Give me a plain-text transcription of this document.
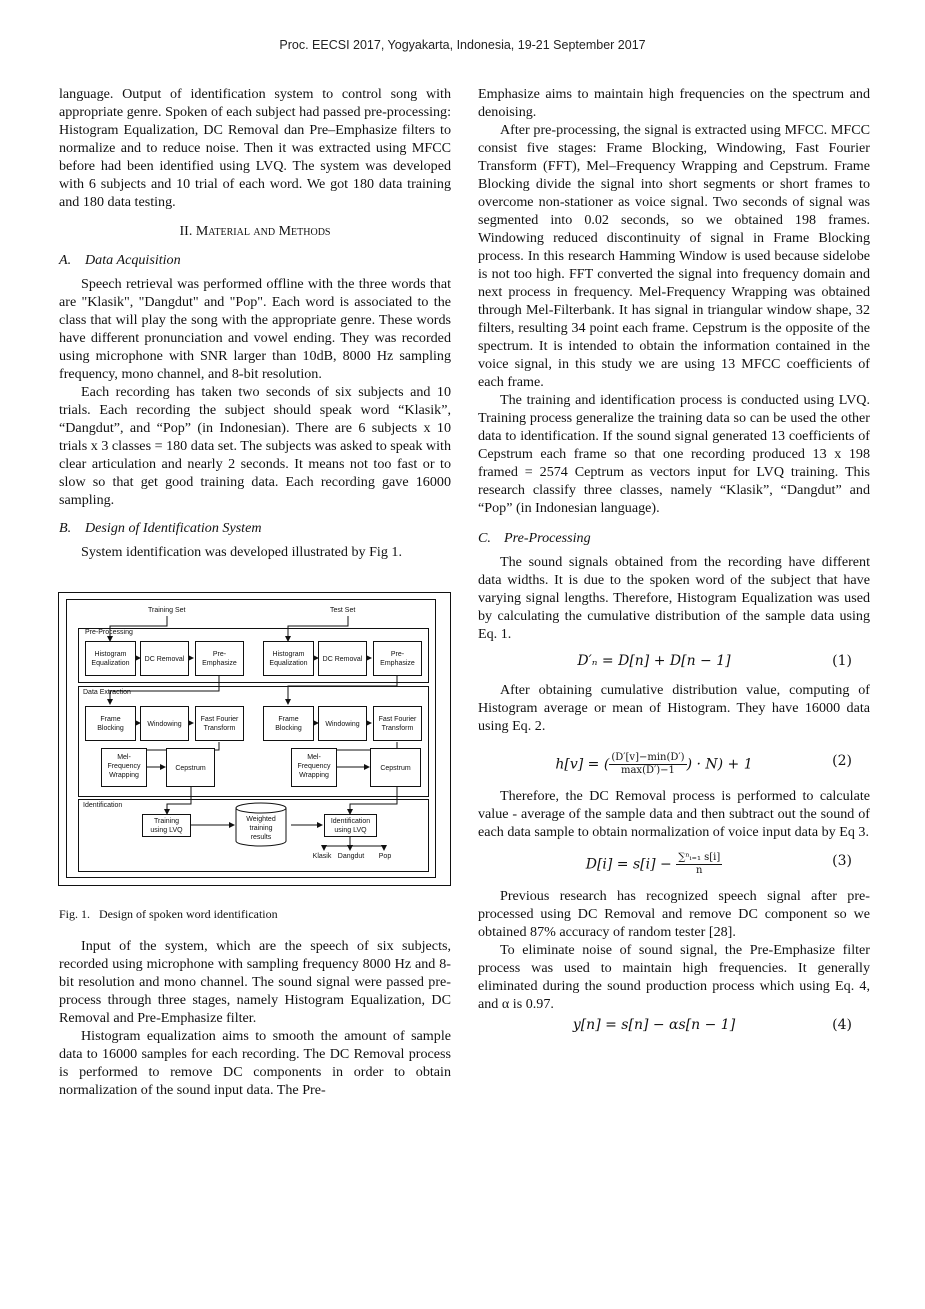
Proc. EECSI 2017, Yogyakarta, Indonesia, 19-21 September 2017

language. Output of identification system to control song with appropriate genre. Spoken of each subject had passed pre-processing: Histogram Equalization, DC Removal dan Pre–Emphasize filters to normalize and to reduce noise. Then it was extracted using MFCC before had been identified using LVQ. The system was developed with 6 subjects and 10 trial of each word. We got 180 data training and 180 data testing.

II. Material and Methods
A. Data Acquisition

Speech retrieval was performed offline with the three words that are "Klasik", "Dangdut" and "Pop". Each word is associated to the class that will play the song with the appropriate genre. These words have different pronunciation and vowel ending. They was recorded using microphone with SNR larger than 10dB, 8000 Hz sampling frequency, mono channel, and 8-bit resolution.

Each recording has taken two seconds of six subjects and 10 trials. Each recording the subject should speak word “Klasik”, “Dangdut”, and “Pop” (in Indonesian). There are 6 subjects x 10 trials x 3 classes = 180 data set. The subjects was asked to speak with clear articulation and nearly 2 seconds. It means not too fast or to slow so that get good training data. Each recording gave 16000 sampling.

B. Design of Identification System

System identification was developed illustrated by Fig 1.

Training Set	Test Set
Pre-Processing
Data Extraction
Identification
Histogram
Equalization
DC Removal
Pre-
Emphasize
Histogram
Equalization
DC Removal
Pre-
Emphasize
Frame
Blocking
Windowing
Fast Fourier
Transform
Frame
Blocking
Windowing
Fast Fourier
Transform
Mel-
Frequency
Wrapping
Cepstrum
Mel-
Frequency
Wrapping
Cepstrum
Training
using LVQ
Weighted
training
results
Identification
using LVQ
Klasik Dangdut Pop
Fig. 1.   Design of spoken word identification

Input of the system, which are the speech of six subjects, recorded using microphone with sampling frequency 8000 Hz and 8-bit resolution and mono channel. The sound signal were passed pre-process through three stages, namely Histogram Equalization, DC Removal and Pre-Emphasize filter.

Histogram equalization aims to smooth the amount of sample data to 16000 samples for each recording. The DC Removal process is performed to remove DC components in order to obtain normalization of the sound input data. The Pre-

Emphasize aims to maintain high frequencies on the spectrum and denoising.

After pre-processing, the signal is extracted using MFCC. MFCC consist five stages: Frame Blocking, Windowing, Fast Fourier Transform (FFT), Mel–Frequency Wrapping and Cepstrum. Frame Blocking divide the signal into short segments or short frames to overcome non-stationer as voice signal. Two seconds of signal was segmented into 0.02 seconds, so we obtained 198 frames. Windowing reduced discontinuity of signal in Frame Blocking process. In this research Hamming Window is used because sidelobe is not too high. FFT converted the signal into frequency domain and next process in frequency. Mel-Frequency Wrapping was obtained through Mel-Filterbank. It has signal in triangular window shape, 32 filters, resulting 34 point each frame. Cepstrum is the opposite of the spectrum. It is intended to obtain the information contained in the voice signal, in this study we are using 13 MFCC coefficients of each frame.

The training and identification process is conducted using LVQ. Training process generalize the training data so can be used the other data to identification. If the sound signal generated 13 coefficients of Cepstrum each frame so that one recording produced 13 x 198 framed = 2574 Ceptrum as vectors input for LVQ training. This research classify three classes, namely “Klasik”, “Dangdut” and “Pop” (in Indonesian language).

C. Pre-Processing

The sound signals obtained from the recording have different data widths. It is due to the spoken word of the subject that have varying signal lengths. Therefore, Histogram Equalization was used by calculating the cumulative distribution of the sample data using Eq. 1.

D′ₙ = D[n] + D[n − 1]	(1)

After obtaining cumulative distribution value, computing of Histogram average or mean of Histogram. They have 16000 data using Eq. 2.

h[v] = ( $\frac{(D'[v]-\min(D')}{\max(D')-1}$ ) · N) + 1	(2)

Therefore, the DC Removal process is performed to calculate value - average of the sample data and then subtract out the sound of each data sample to obtain normalization of voice input data by Eq 3.

$D[i] = s[i] - \frac{\text{∑ⁿᵢ₌₁ s[i]}}{n}$	(3)

Previous research has recognized speech signal after pre-processed using DC Removal and remove DC component so we obtained 87% accuracy of random tester [28].

To eliminate noise of sound signal, the Pre-Emphasize filter process was used to maintain high frequencies. It generally eliminated during the sound production process which using Eq. 4, and α is 0.97.

y[n] = s[n] − αs[n − 1]	(4)
